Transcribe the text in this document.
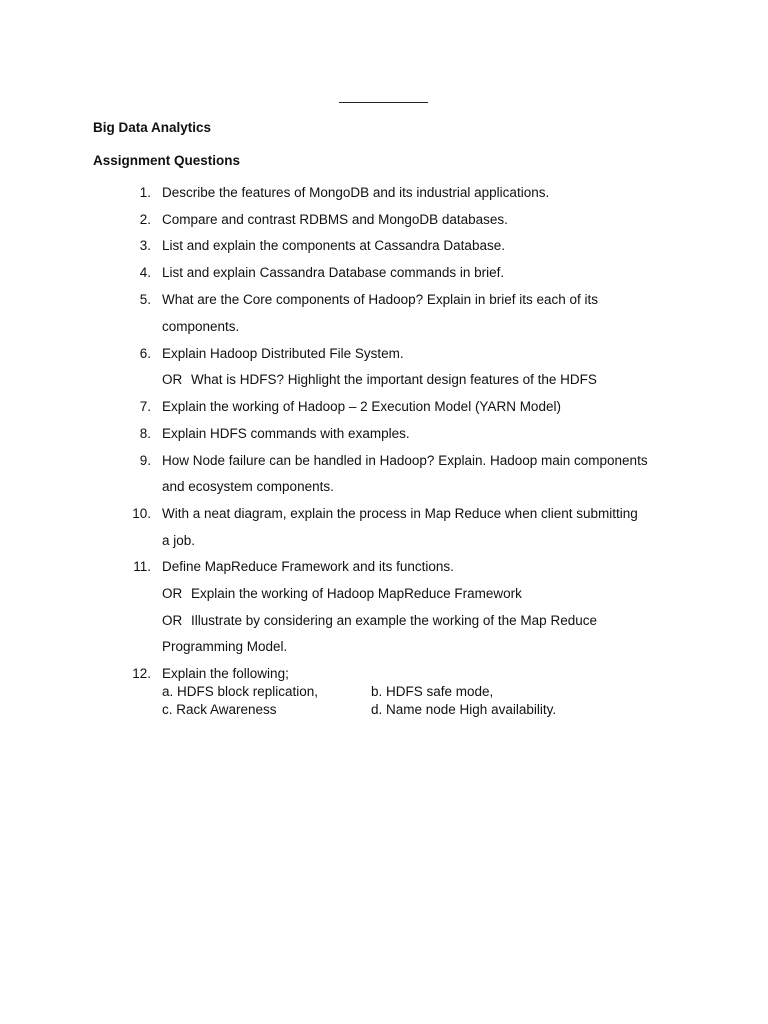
Big Data Analytics
Assignment Questions
1. Describe the features of MongoDB and its industrial applications.
2. Compare and contrast RDBMS and MongoDB databases.
3. List and explain the components at Cassandra Database.
4. List and explain Cassandra Database commands in brief.
5. What are the Core components of Hadoop? Explain in brief its each of its
components.
6. Explain Hadoop Distributed File System.
OR What is HDFS? Highlight the important design features of the HDFS
7. Explain the working of Hadoop – 2 Execution Model (YARN Model)
8. Explain HDFS commands with examples.
9. How Node failure can be handled in Hadoop? Explain. Hadoop main components
and ecosystem components.
10. With a neat diagram, explain the process in Map Reduce when client submitting
a job.
11. Define MapReduce Framework and its functions.
OR Explain the working of Hadoop MapReduce Framework
OR Illustrate by considering an example the working of the Map Reduce
Programming Model.
12. Explain the following;
a. HDFS block replication,	b. HDFS safe mode,
c. Rack Awareness	d. Name node High availability.
